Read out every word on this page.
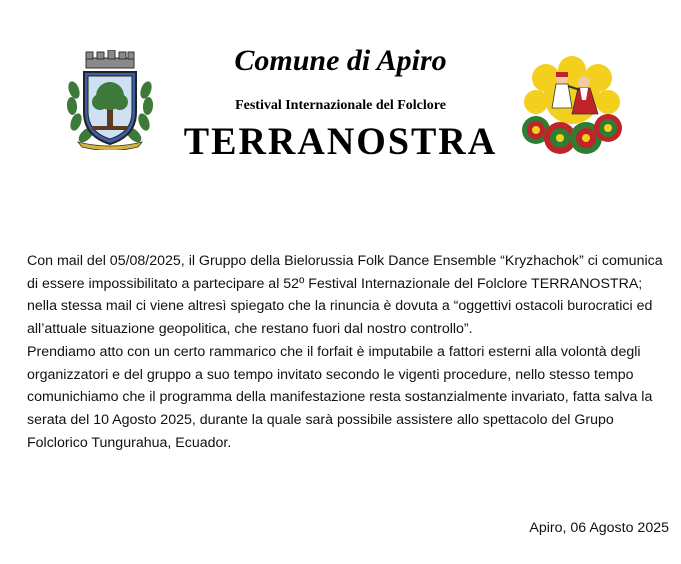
Comune di Apiro
Festival Internazionale del Folclore
TERRANOSTRA

Con mail del 05/08/2025, il Gruppo della Bielorussia Folk Dance Ensemble “Kryzhachok” ci comunica di essere impossibilitato a partecipare al 52º Festival Internazionale del Folclore TERRANOSTRA; nella stessa mail ci viene altresì spiegato che la rinuncia è dovuta a “oggettivi ostacoli burocratici ed all’attuale situazione geopolitica, che restano fuori dal nostro controllo”.

Prendiamo atto con un certo rammarico che il forfait è imputabile a fattori esterni alla volontà degli organizzatori e del gruppo a suo tempo invitato secondo le vigenti procedure, nello stesso tempo comunichiamo che il programma della manifestazione resta sostanzialmente invariato, fatta salva la serata del 10 Agosto 2025, durante la quale sarà possibile assistere allo spettacolo del Grupo Folclorico Tungurahua, Ecuador.

Apiro, 06 Agosto 2025
